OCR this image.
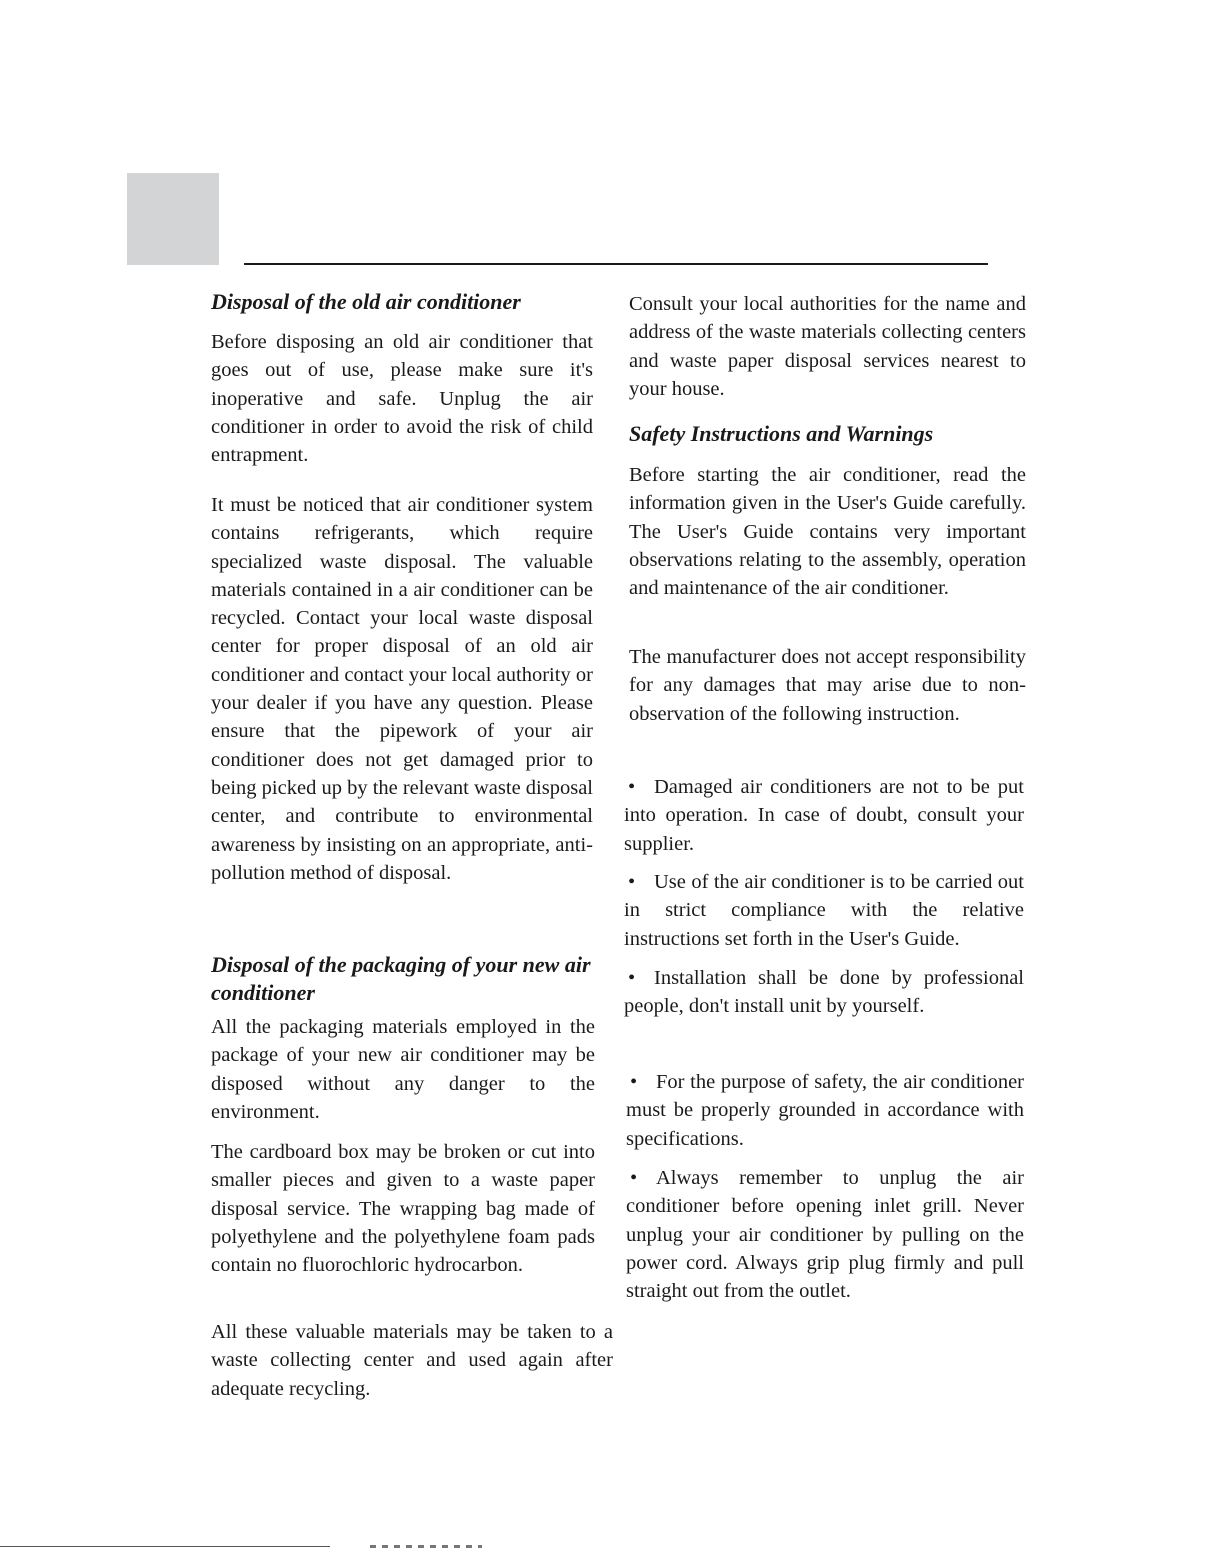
Disposal of the old air conditioner

Before disposing an old air conditioner that goes out of use, please make sure it's inoperative and safe. Unplug the air conditioner in order to avoid the risk of child entrapment.

It must be noticed that air conditioner system contains refrigerants, which require specialized waste disposal. The valuable materials contained in a air conditioner can be recycled. Contact your local waste disposal center for proper disposal of an old air conditioner and contact your local authority or your dealer if you have any question. Please ensure that the pipework of your air conditioner does not get damaged prior to being picked up by the relevant waste disposal center, and contribute to environmental awareness by insisting on an appropriate, anti-pollution method of disposal.

Disposal of the packaging of your new air conditioner

All the packaging materials employed in the package of your new air conditioner may be disposed without any danger to the environment.

The cardboard box may be broken or cut into smaller pieces and given to a waste paper disposal service. The wrapping bag made of polyethylene and the polyethylene foam pads contain no fluorochloric hydrocarbon.

All these valuable materials may be taken to a waste collecting center and used again after adequate recycling.

Consult your local authorities for the name and address of the waste materials collecting centers and waste paper disposal services nearest to your house.

Safety Instructions and Warnings

Before starting the air conditioner, read the information given in the User's Guide carefully. The User's Guide contains very important observations relating to the assembly, operation and maintenance of the air conditioner.

The manufacturer does not accept responsibility for any damages that may arise due to non-observation of the following instruction.

• Damaged air conditioners are not to be put into operation. In case of doubt, consult your supplier.

• Use of the air conditioner is to be carried out in strict compliance with the relative instructions set forth in the User's Guide.

• Installation shall be done by professional people, don't install unit by yourself.

• For the purpose of safety, the air conditioner must be properly grounded in accordance with specifications.

• Always remember to unplug the air conditioner before opening inlet grill. Never unplug your air conditioner by pulling on the power cord. Always grip plug firmly and pull straight out from the outlet.
